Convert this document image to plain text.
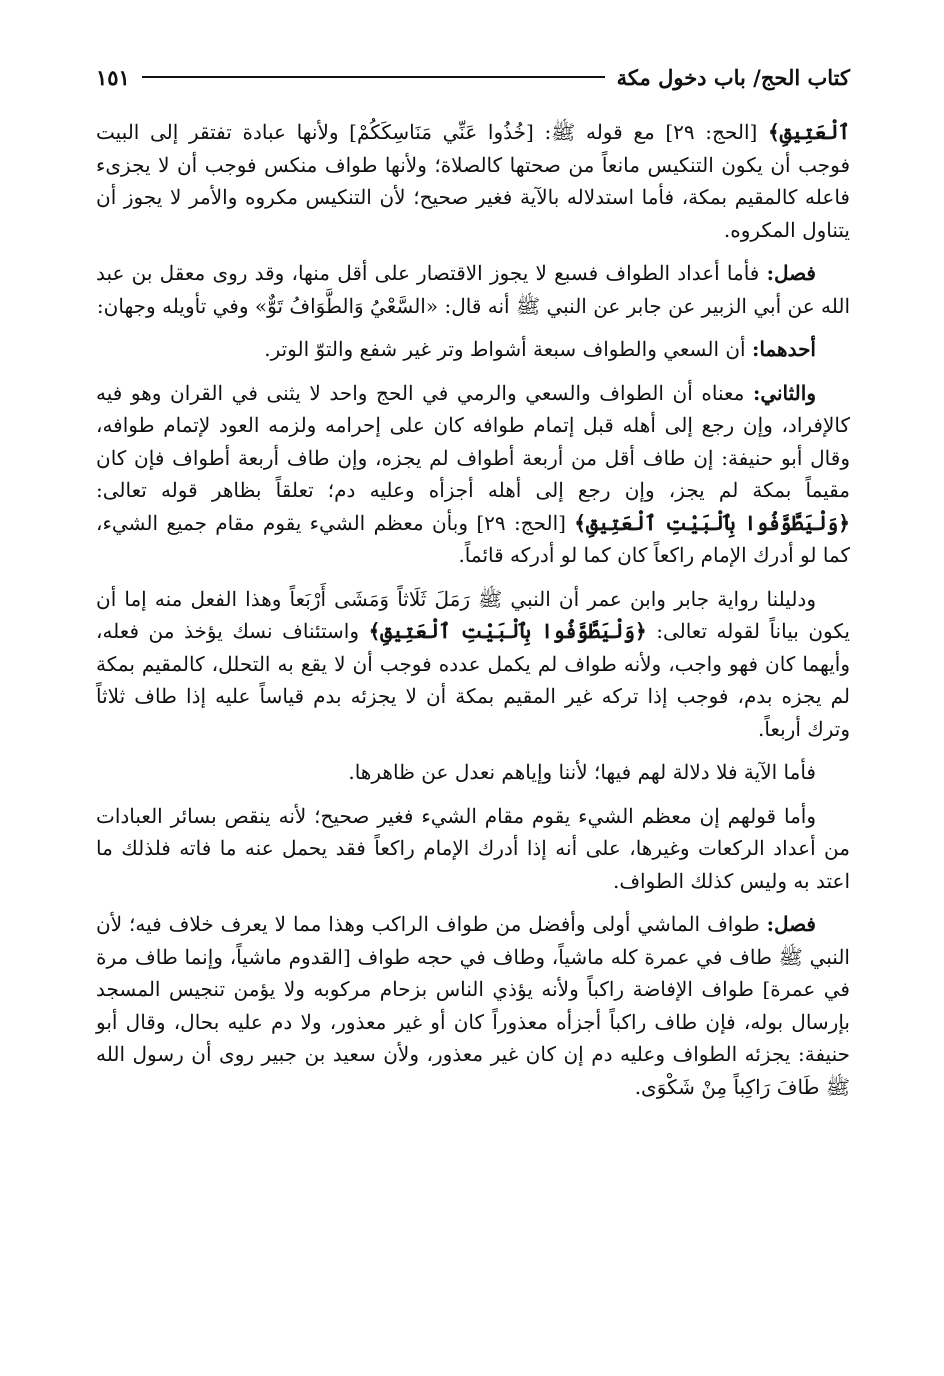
كتاب الحج/ باب دخول مكة
١٥١

ٱلْعَتِيقِ﴾ [الحج: ٢٩] مع قوله ﷺ: [خُذُوا عَنِّي مَنَاسِكَكُمْ] ولأنها عبادة تفتقر إلى البيت فوجب أن يكون التنكيس مانعاً من صحتها كالصلاة؛ ولأنها طواف منكس فوجب أن لا يجزىء فاعله كالمقيم بمكة، فأما استدلاله بالآية فغير صحيح؛ لأن التنكيس مكروه والأمر لا يجوز أن يتناول المكروه.

فصل: فأما أعداد الطواف فسبع لا يجوز الاقتصار على أقل منها، وقد روى معقل بن عبد الله عن أبي الزبير عن جابر عن النبي ﷺ أنه قال: «السَّعْيُ وَالطَّوَافُ تَوٌّ» وفي تأويله وجهان:

أحدهما: أن السعي والطواف سبعة أشواط وتر غير شفع والتوّ الوتر.

والثاني: معناه أن الطواف والسعي والرمي في الحج واحد لا يثنى في القران وهو فيه كالإفراد، وإن رجع إلى أهله قبل إتمام طوافه كان على إحرامه ولزمه العود لإتمام طوافه، وقال أبو حنيفة: إن طاف أقل من أربعة أطواف لم يجزه، وإن طاف أربعة أطواف فإن كان مقيماً بمكة لم يجز، وإن رجع إلى أهله أجزأه وعليه دم؛ تعلقاً بظاهر قوله تعالى: ﴿وَلْيَطَّوَّفُوا بِٱلْبَيْتِ ٱلْعَتِيقِ﴾ [الحج: ٢٩] وبأن معظم الشيء يقوم مقام جميع الشيء، كما لو أدرك الإمام راكعاً كان كما لو أدركه قائماً.

ودليلنا رواية جابر وابن عمر أن النبي ﷺ رَمَلَ ثَلَاثاً وَمَشَى أَرْبَعاً وهذا الفعل منه إما أن يكون بياناً لقوله تعالى: ﴿وَلْيَطَّوَّفُوا بِٱلْبَيْتِ ٱلْعَتِيقِ﴾ واستئناف نسك يؤخذ من فعله، وأيهما كان فهو واجب، ولأنه طواف لم يكمل عدده فوجب أن لا يقع به التحلل، كالمقيم بمكة لم يجزه بدم، فوجب إذا تركه غير المقيم بمكة أن لا يجزئه بدم قياساً عليه إذا طاف ثلاثاً وترك أربعاً.

فأما الآية فلا دلالة لهم فيها؛ لأننا وإياهم نعدل عن ظاهرها.

وأما قولهم إن معظم الشيء يقوم مقام الشيء فغير صحيح؛ لأنه ينقص بسائر العبادات من أعداد الركعات وغيرها، على أنه إذا أدرك الإمام راكعاً فقد يحمل عنه ما فاته فلذلك ما اعتد به وليس كذلك الطواف.

فصل: طواف الماشي أولى وأفضل من طواف الراكب وهذا مما لا يعرف خلاف فيه؛ لأن النبي ﷺ طاف في عمرة كله ماشياً، وطاف في حجه طواف [القدوم ماشياً، وإنما طاف مرة في عمرة] طواف الإفاضة راكباً ولأنه يؤذي الناس بزحام مركوبه ولا يؤمن تنجيس المسجد بإرسال بوله، فإن طاف راكباً أجزأه معذوراً كان أو غير معذور، ولا دم عليه بحال، وقال أبو حنيفة: يجزئه الطواف وعليه دم إن كان غير معذور، ولأن سعيد بن جبير روى أن رسول الله ﷺ طَافَ رَاكِباً مِنْ شَكْوَى.
